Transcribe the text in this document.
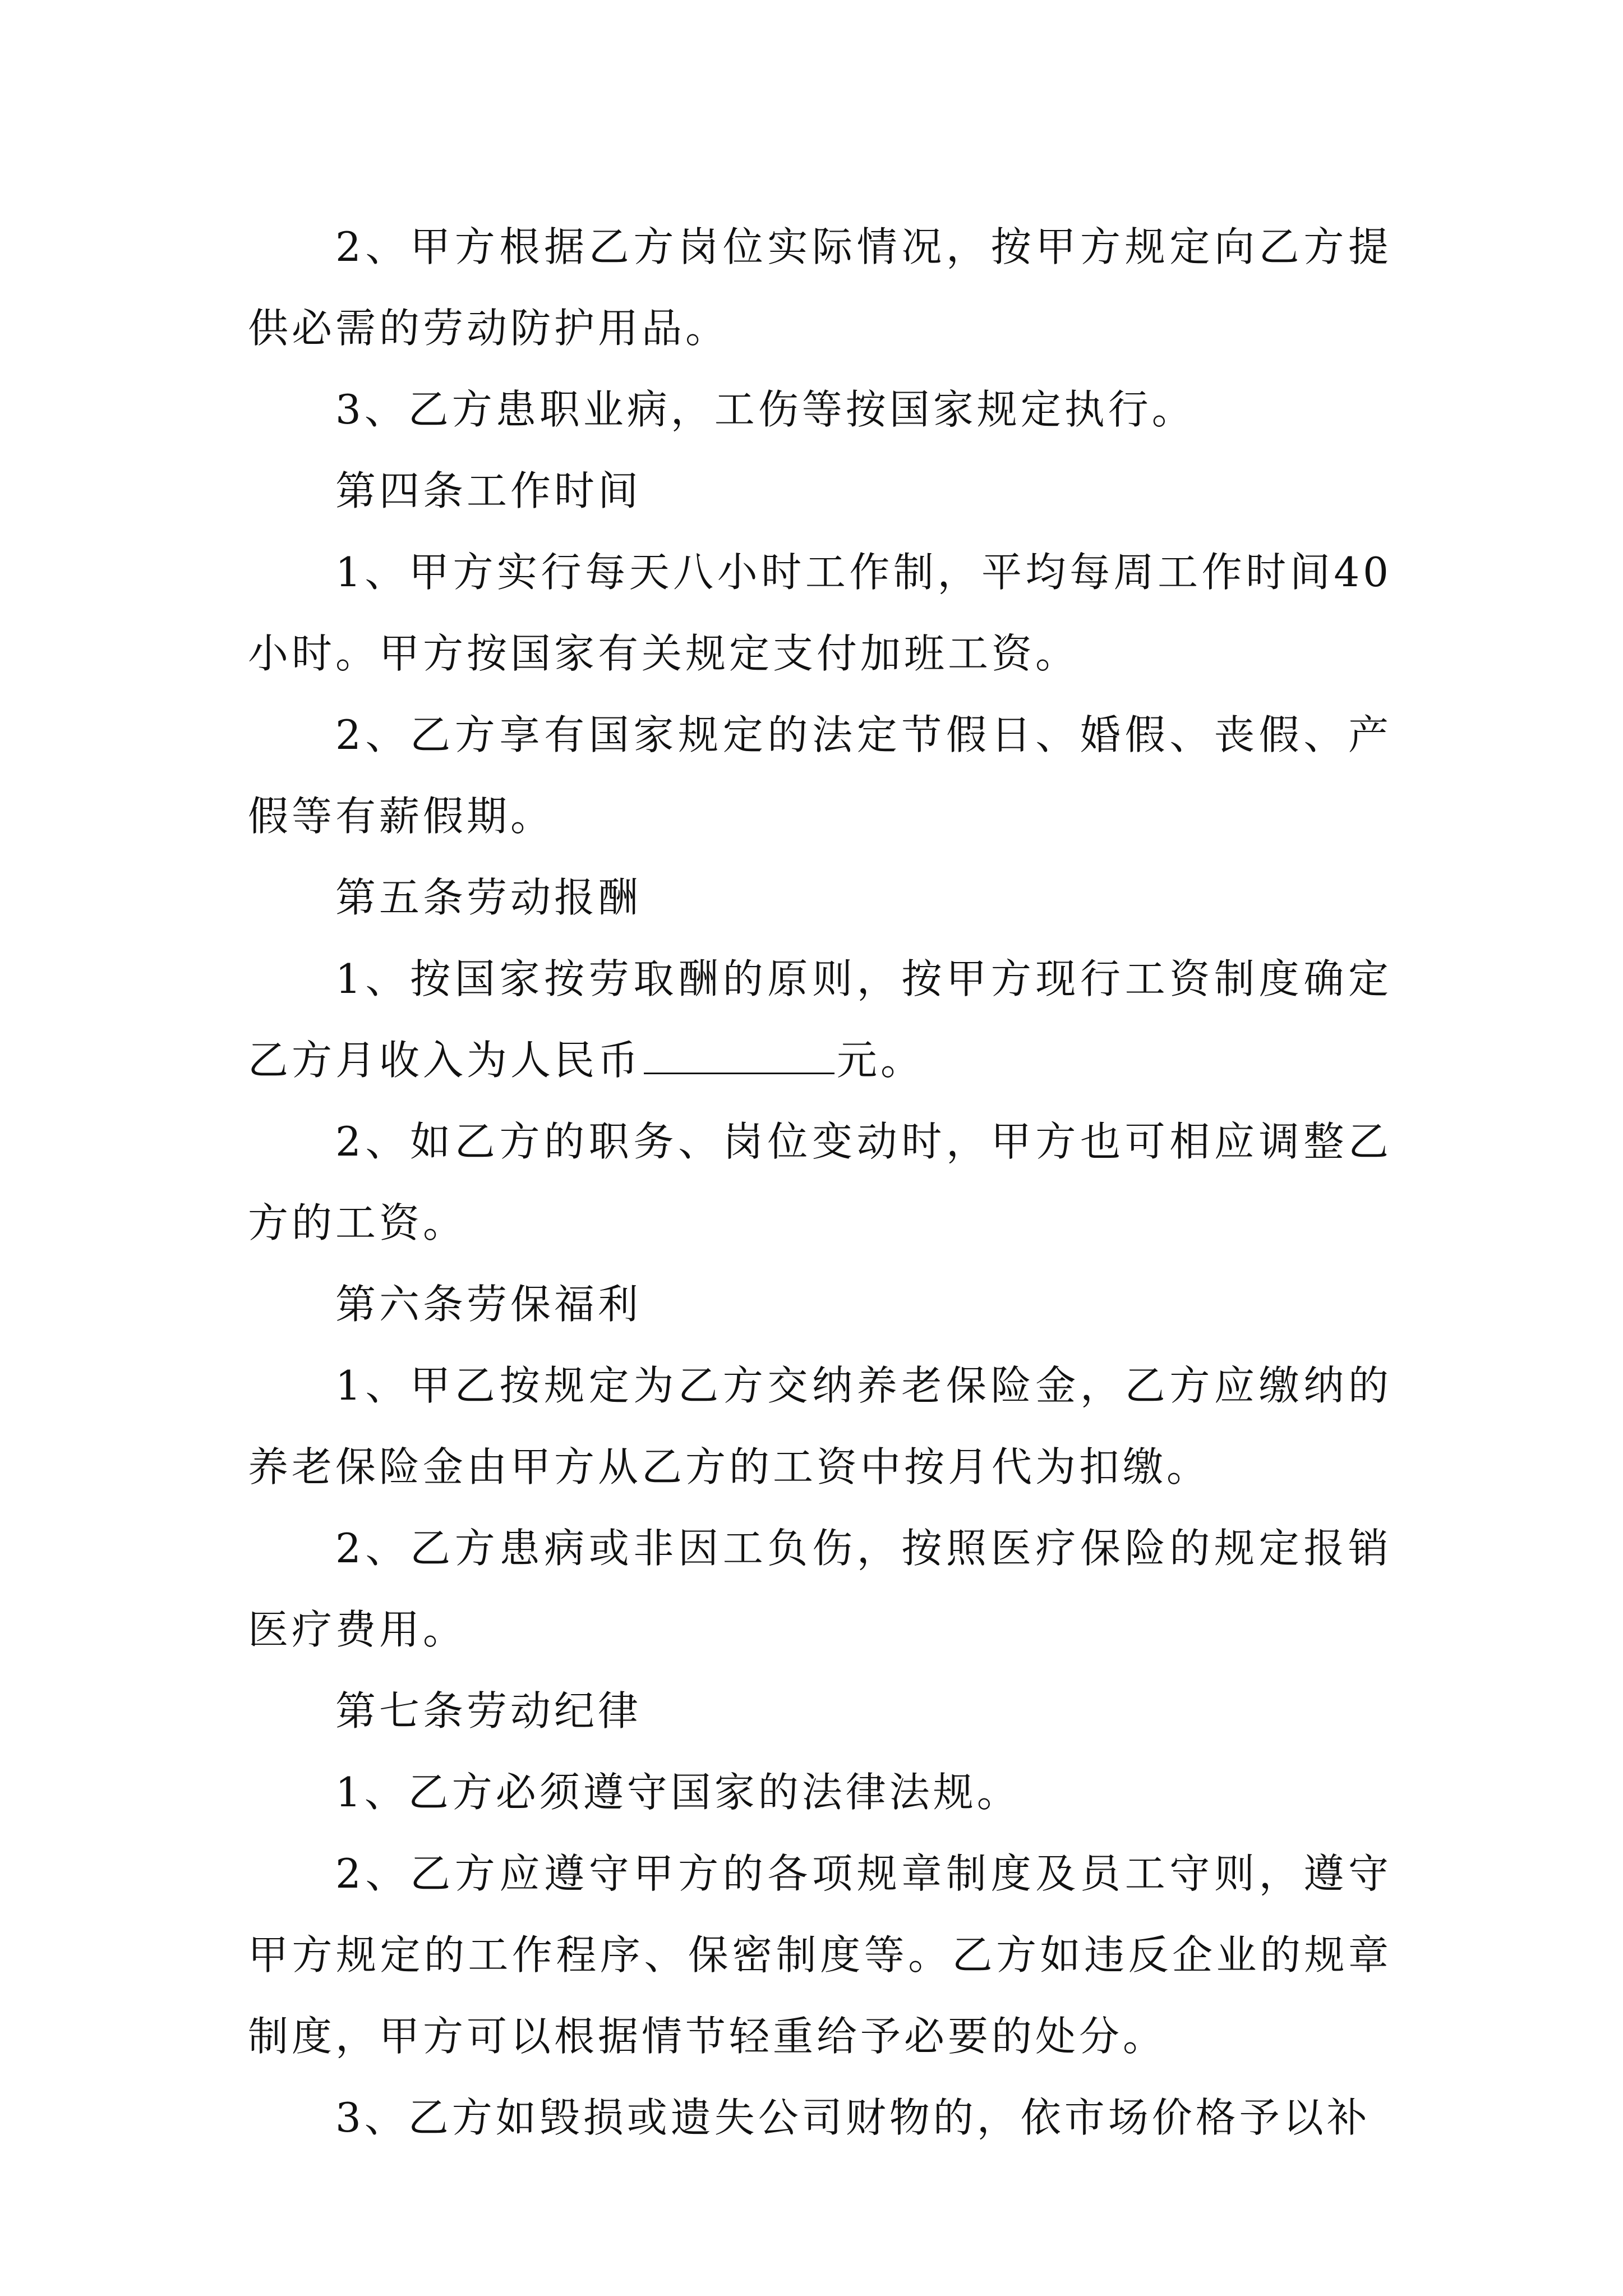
2、甲方根据乙方岗位实际情况，按甲方规定向乙方提供必需的劳动防护用品。

3、乙方患职业病，工伤等按国家规定执行。

第四条工作时间

1、甲方实行每天八小时工作制，平均每周工作时间40小时。甲方按国家有关规定支付加班工资。

2、乙方享有国家规定的法定节假日、婚假、丧假、产假等有薪假期。

第五条劳动报酬

1、按国家按劳取酬的原则，按甲方现行工资制度确定乙方月收入为人民币	元。

2、如乙方的职务、岗位变动时，甲方也可相应调整乙方的工资。

第六条劳保福利

1、甲乙按规定为乙方交纳养老保险金，乙方应缴纳的养老保险金由甲方从乙方的工资中按月代为扣缴。

2、乙方患病或非因工负伤，按照医疗保险的规定报销医疗费用。

第七条劳动纪律

1、乙方必须遵守国家的法律法规。

2、乙方应遵守甲方的各项规章制度及员工守则，遵守甲方规定的工作程序、保密制度等。乙方如违反企业的规章制度，甲方可以根据情节轻重给予必要的处分。

3、乙方如毁损或遗失公司财物的，依市场价格予以补
